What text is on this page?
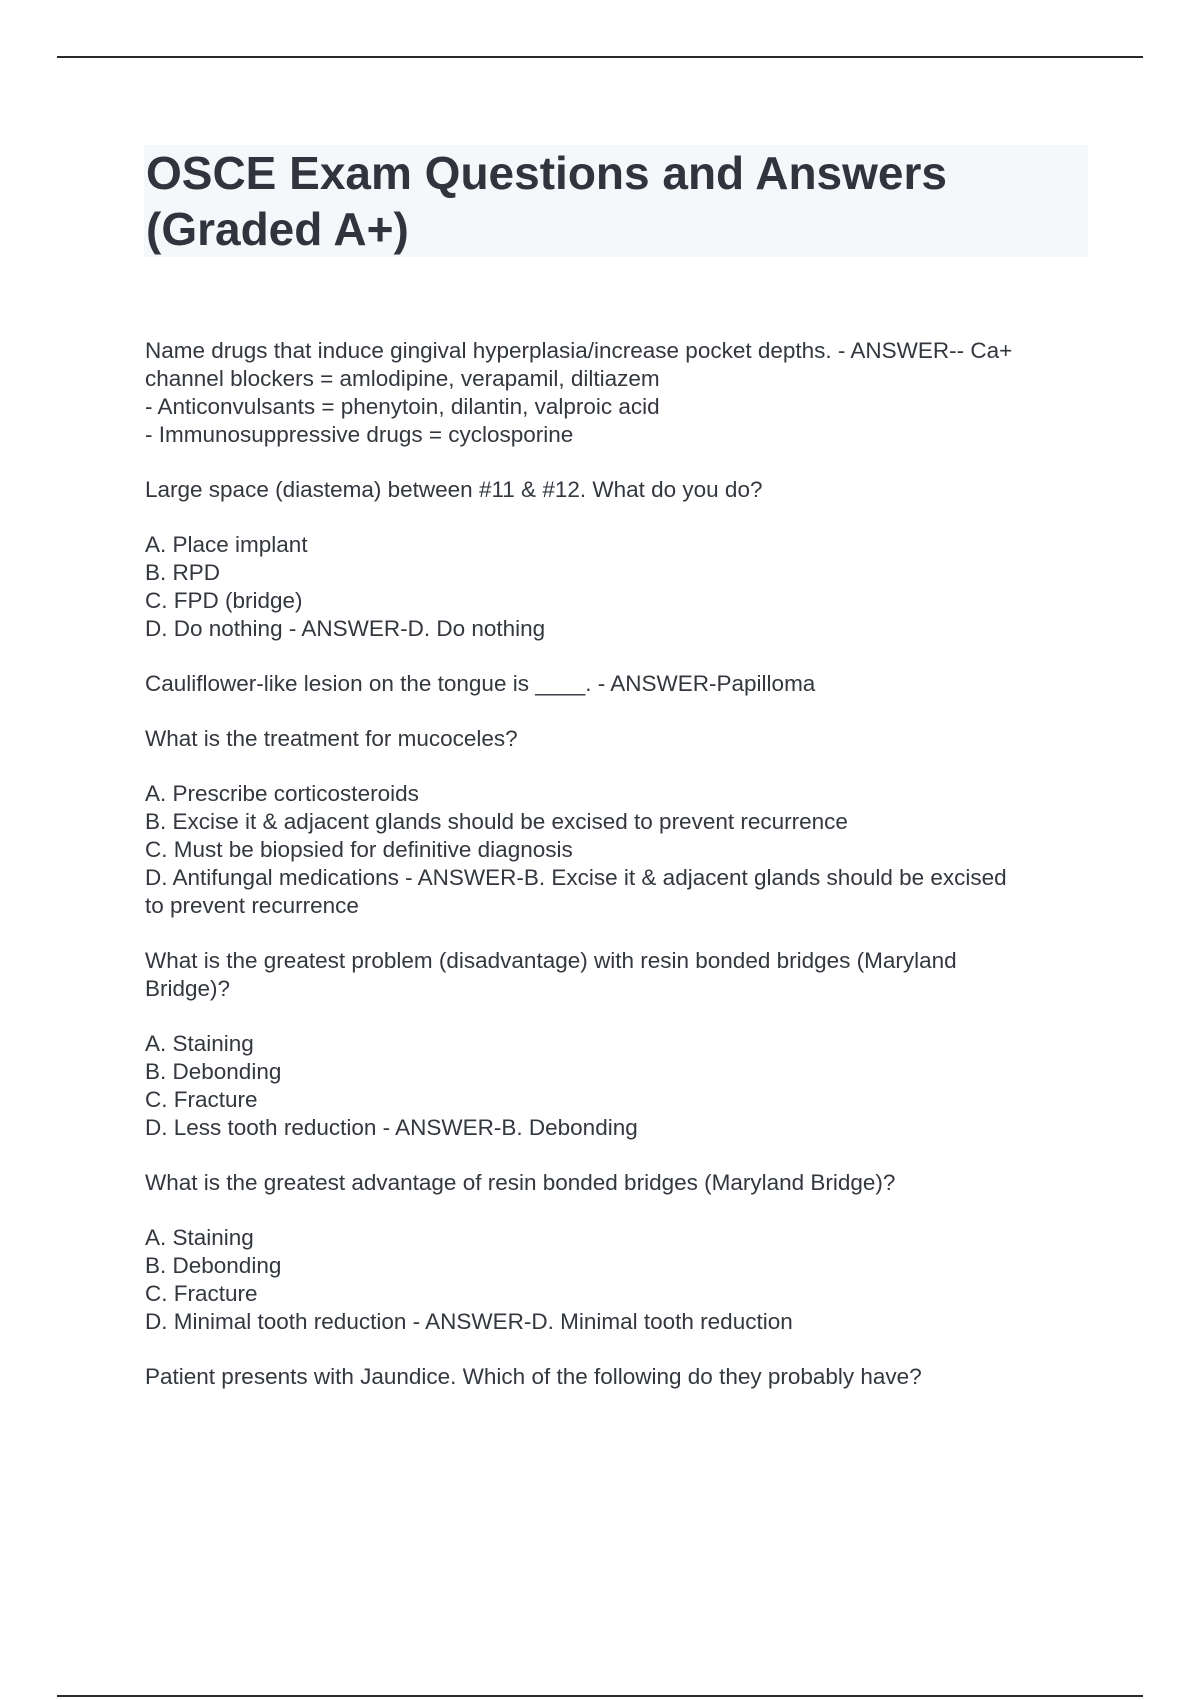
OSCE Exam Questions and Answers

(Graded A+)

Name drugs that induce gingival hyperplasia/increase pocket depths. - ANSWER-- Ca+
channel blockers = amlodipine, verapamil, diltiazem
- Anticonvulsants = phenytoin, dilantin, valproic acid
- Immunosuppressive drugs = cyclosporine
Large space (diastema) between #11 & #12. What do you do?
A. Place implant
B. RPD
C. FPD (bridge)
D. Do nothing - ANSWER-D. Do nothing
Cauliflower-like lesion on the tongue is ____. - ANSWER-Papilloma
What is the treatment for mucoceles?
A. Prescribe corticosteroids
B. Excise it & adjacent glands should be excised to prevent recurrence
C. Must be biopsied for definitive diagnosis
D. Antifungal medications - ANSWER-B. Excise it & adjacent glands should be excised
to prevent recurrence
What is the greatest problem (disadvantage) with resin bonded bridges (Maryland
Bridge)?
A. Staining
B. Debonding
C. Fracture
D. Less tooth reduction - ANSWER-B. Debonding
What is the greatest advantage of resin bonded bridges (Maryland Bridge)?
A. Staining
B. Debonding
C. Fracture
D. Minimal tooth reduction - ANSWER-D. Minimal tooth reduction
Patient presents with Jaundice. Which of the following do they probably have?
